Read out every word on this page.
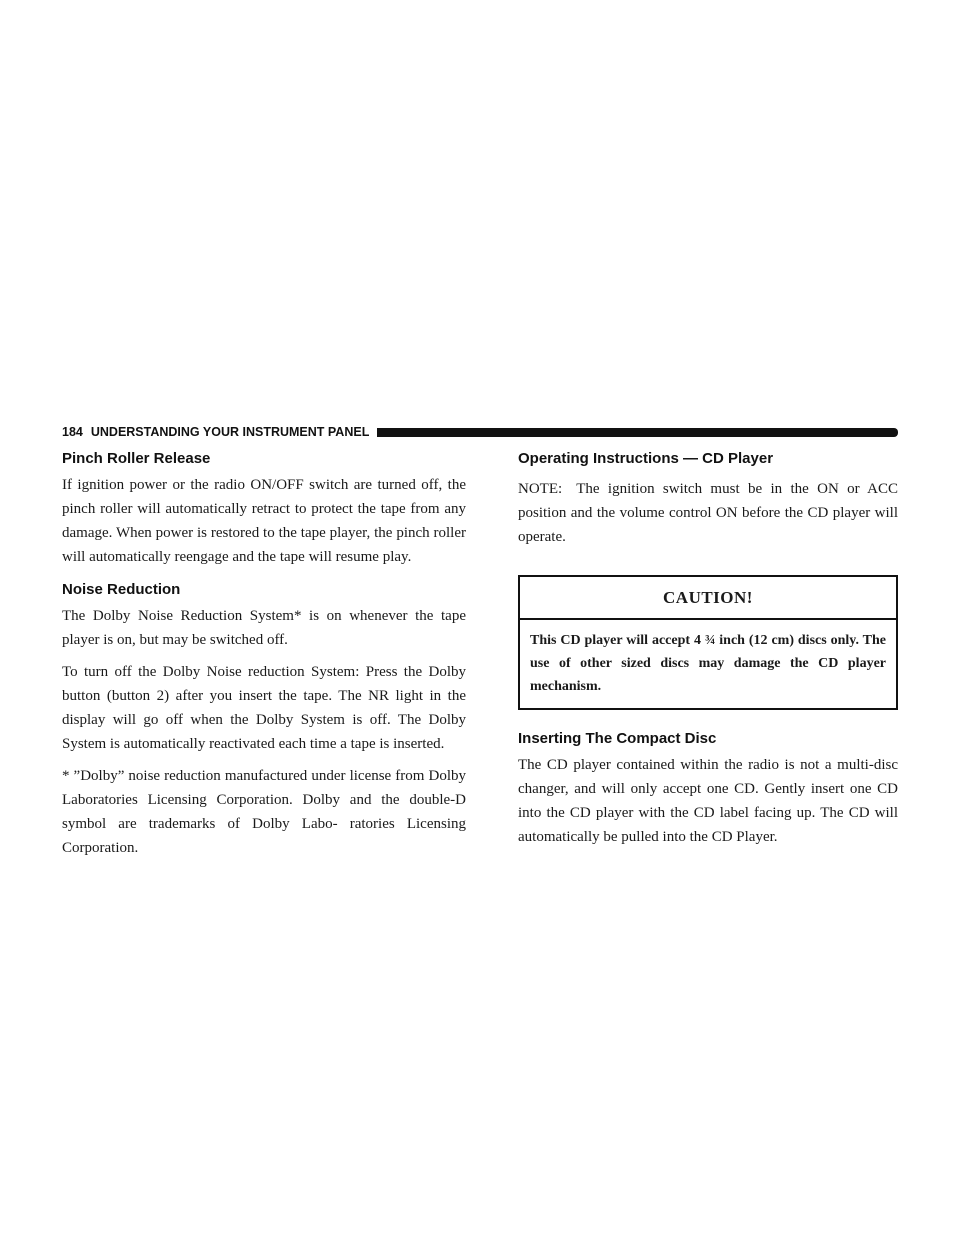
184 UNDERSTANDING YOUR INSTRUMENT PANEL
Pinch Roller Release

If ignition power or the radio ON/OFF switch are turned off, the pinch roller will automatically retract to protect the tape from any damage. When power is restored to the tape player, the pinch roller will automatically reengage and the tape will resume play.

Noise Reduction

The Dolby Noise Reduction System* is on whenever the tape player is on, but may be switched off.

To turn off the Dolby Noise reduction System: Press the Dolby button (button 2) after you insert the tape. The NR light in the display will go off when the Dolby System is off. The Dolby System is automatically reactivated each time a tape is inserted.

* ”Dolby” noise reduction manufactured under license from Dolby Laboratories Licensing Corporation. Dolby and the double-D symbol are trademarks of Dolby Labo- ratories Licensing Corporation.

Operating Instructions — CD Player

NOTE: The ignition switch must be in the ON or ACC position and the volume control ON before the CD player will operate.

CAUTION!
This CD player will accept 4 ¾ inch (12 cm) discs only. The use of other sized discs may damage the CD player mechanism.
Inserting The Compact Disc

The CD player contained within the radio is not a multi-disc changer, and will only accept one CD. Gently insert one CD into the CD player with the CD label facing up. The CD will automatically be pulled into the CD Player.
